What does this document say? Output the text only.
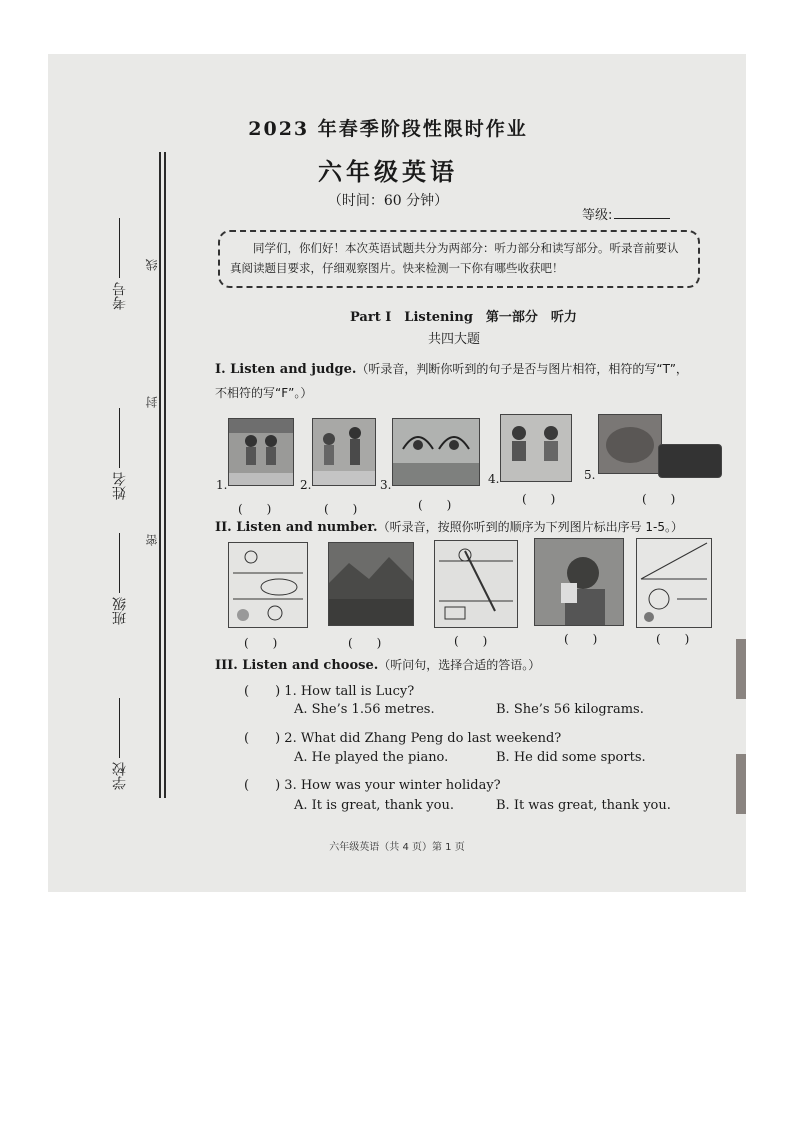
学校
班级
姓名
考号
密
封
线
2023 年春季阶段性限时作业
六年级英语
（时间：60 分钟）
等级:
同学们，你们好！本次英语试题共分为两部分：听力部分和读写部分。听录音前要认真阅读题目要求，仔细观察图片。快来检测一下你有哪些收获吧！
Part I　Listening　第一部分　听力
共四大题
I. Listen and judge.（听录音，判断你听到的句子是否与图片相符，相符的写“T”，
不相符的写“F”。）
1.	2.	3.	4.	5.
(　　)	(　　)	(　　)	(　　)	(　　)
II. Listen and number.（听录音，按照你听到的顺序为下列图片标出序号 1-5。）
(　　)	(　　)	(　　)	(　　)	(　　)
III. Listen and choose.（听问句，选择合适的答语。）
(　　) 1. How tall is Lucy?
A. She’s 1.56 metres.	B. She’s 56 kilograms.
(　　) 2. What did Zhang Peng do last weekend?
A. He played the piano.	B. He did some sports.
(　　) 3. How was your winter holiday?
A. It is great, thank you.	B. It was great, thank you.
六年级英语（共 4 页）第 1 页
